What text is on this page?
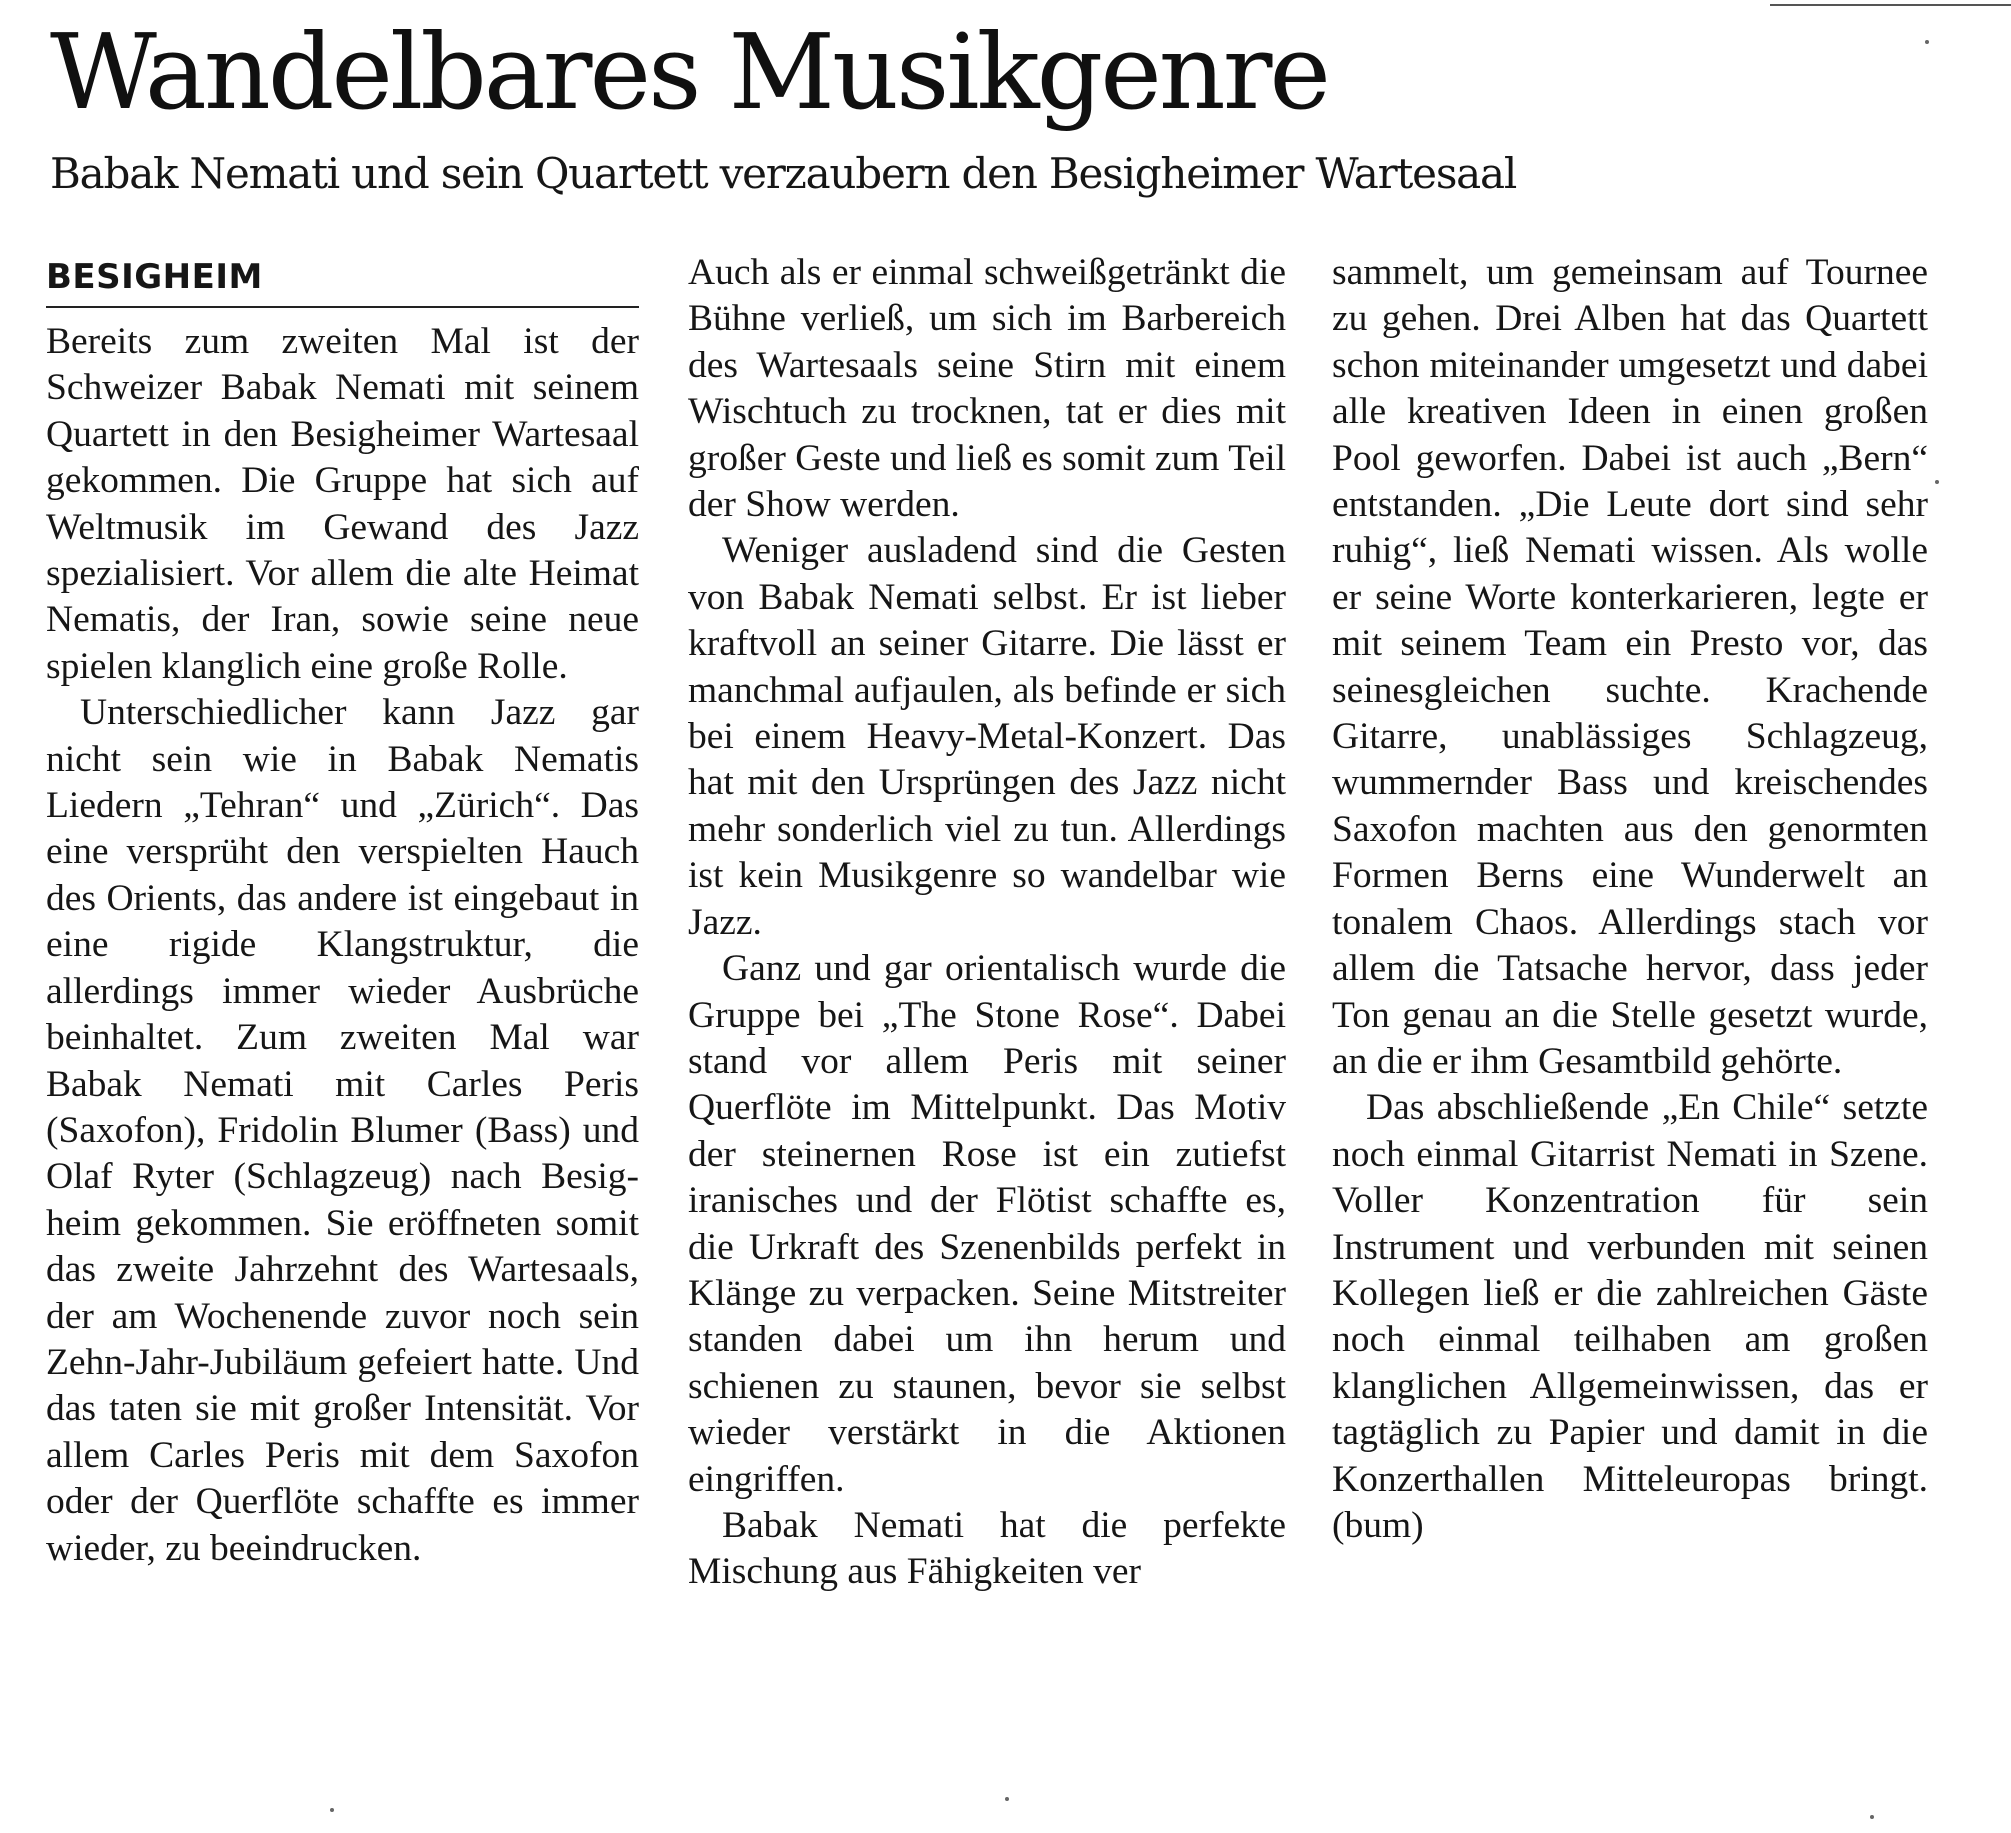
Wandelbares Musikgenre
Babak Nemati und sein Quartett verzaubern den Besigheimer Wartesaal
BESIGHEIM

Bereits zum zweiten Mal ist der Schweizer Babak Nemati mit seinem Quartett in den Besigheimer Wartesaal gekommen. Die Gruppe hat sich auf Weltmusik im Gewand des Jazz spezialisiert. Vor allem die alte Heimat Nematis, der Iran, sowie seine neue spielen klanglich eine große Rolle.

Unterschiedlicher kann Jazz gar nicht sein wie in Babak Nematis Liedern „Tehran“ und „Zürich“. Das eine versprüht den verspielten Hauch des Orients, das andere ist eingebaut in eine rigide Klangstruktur, die allerdings immer wieder Ausbrüche beinhaltet. Zum zweiten Mal war Babak Nemati mit Carles Peris (Saxofon), Fridolin Blumer (Bass) und Olaf Ryter (Schlagzeug) nach Besigheim gekommen. Sie eröffneten somit das zweite Jahrzehnt des Wartesaals, der am Wochenende zuvor noch sein Zehn-Jahr-Jubiläum gefeiert hatte. Und das taten sie mit großer Intensität. Vor allem Carles Peris mit dem Saxofon oder der Querflöte schaffte es immer wieder, zu beeindrucken.

Auch als er einmal schweißgetränkt die Bühne verließ, um sich im Barbereich des Wartesaals seine Stirn mit einem Wischtuch zu trocknen, tat er dies mit großer Geste und ließ es somit zum Teil der Show werden.

Weniger ausladend sind die Gesten von Babak Nemati selbst. Er ist lieber kraftvoll an seiner Gitarre. Die lässt er manchmal aufjaulen, als befinde er sich bei einem Heavy-Metal-Konzert. Das hat mit den Ursprüngen des Jazz nicht mehr sonderlich viel zu tun. Allerdings ist kein Musikgenre so wandelbar wie Jazz.

Ganz und gar orientalisch wurde die Gruppe bei „The Stone Rose“. Dabei stand vor allem Peris mit seiner Querflöte im Mittelpunkt. Das Motiv der steinernen Rose ist ein zutiefst iranisches und der Flötist schaffte es, die Urkraft des Szenenbilds perfekt in Klänge zu verpacken. Seine Mitstreiter standen dabei um ihn herum und schienen zu staunen, bevor sie selbst wieder verstärkt in die Aktionen eingriffen.

Babak Nemati hat die perfekte Mischung aus Fähigkeiten ver

sammelt, um gemeinsam auf Tournee zu gehen. Drei Alben hat das Quartett schon miteinander umgesetzt und dabei alle kreativen Ideen in einen großen Pool geworfen. Dabei ist auch „Bern“ entstanden. „Die Leute dort sind sehr ruhig“, ließ Nemati wissen. Als wolle er seine Worte konterkarieren, legte er mit seinem Team ein Presto vor, das seinesgleichen suchte. Krachende Gitarre, unablässiges Schlagzeug, wummernder Bass und kreischendes Saxofon machten aus den genormten Formen Berns eine Wunderwelt an tonalem Chaos. Allerdings stach vor allem die Tatsache hervor, dass jeder Ton genau an die Stelle gesetzt wurde, an die er ihm Gesamtbild gehörte.

Das abschließende „En Chile“ setzte noch einmal Gitarrist Nemati in Szene. Voller Konzentration für sein Instrument und verbunden mit seinen Kollegen ließ er die zahlreichen Gäste noch einmal teilhaben am großen klanglichen Allgemeinwissen, das er tagtäglich zu Papier und damit in die Konzerthallen Mitteleuropas bringt. (bum)
